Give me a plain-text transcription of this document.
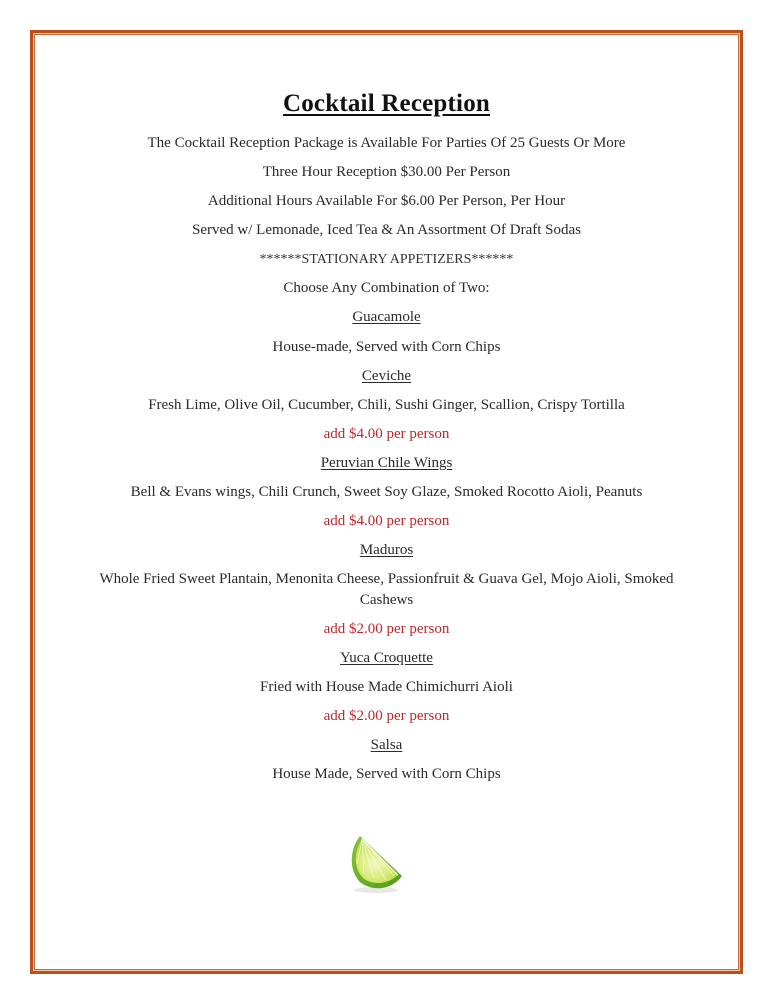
Cocktail Reception
The Cocktail Reception Package is Available For Parties Of 25 Guests Or More
Three Hour Reception $30.00 Per Person
Additional Hours Available For $6.00 Per Person, Per Hour
Served w/ Lemonade, Iced Tea & An Assortment Of Draft Sodas
******STATIONARY APPETIZERS******
Choose Any Combination of Two:
Guacamole
House-made, Served with Corn Chips
Ceviche
Fresh Lime, Olive Oil, Cucumber, Chili, Sushi Ginger, Scallion, Crispy Tortilla
add $4.00 per person
Peruvian Chile Wings
Bell & Evans wings, Chili Crunch, Sweet Soy Glaze, Smoked Rocotto Aioli, Peanuts
add $4.00 per person
Maduros
Whole Fried Sweet Plantain, Menonita Cheese, Passionfruit & Guava Gel, Mojo Aioli, Smoked Cashews
add $2.00 per person
Yuca Croquette
Fried with House Made Chimichurri Aioli
add $2.00 per person
Salsa
House Made, Served with Corn Chips
